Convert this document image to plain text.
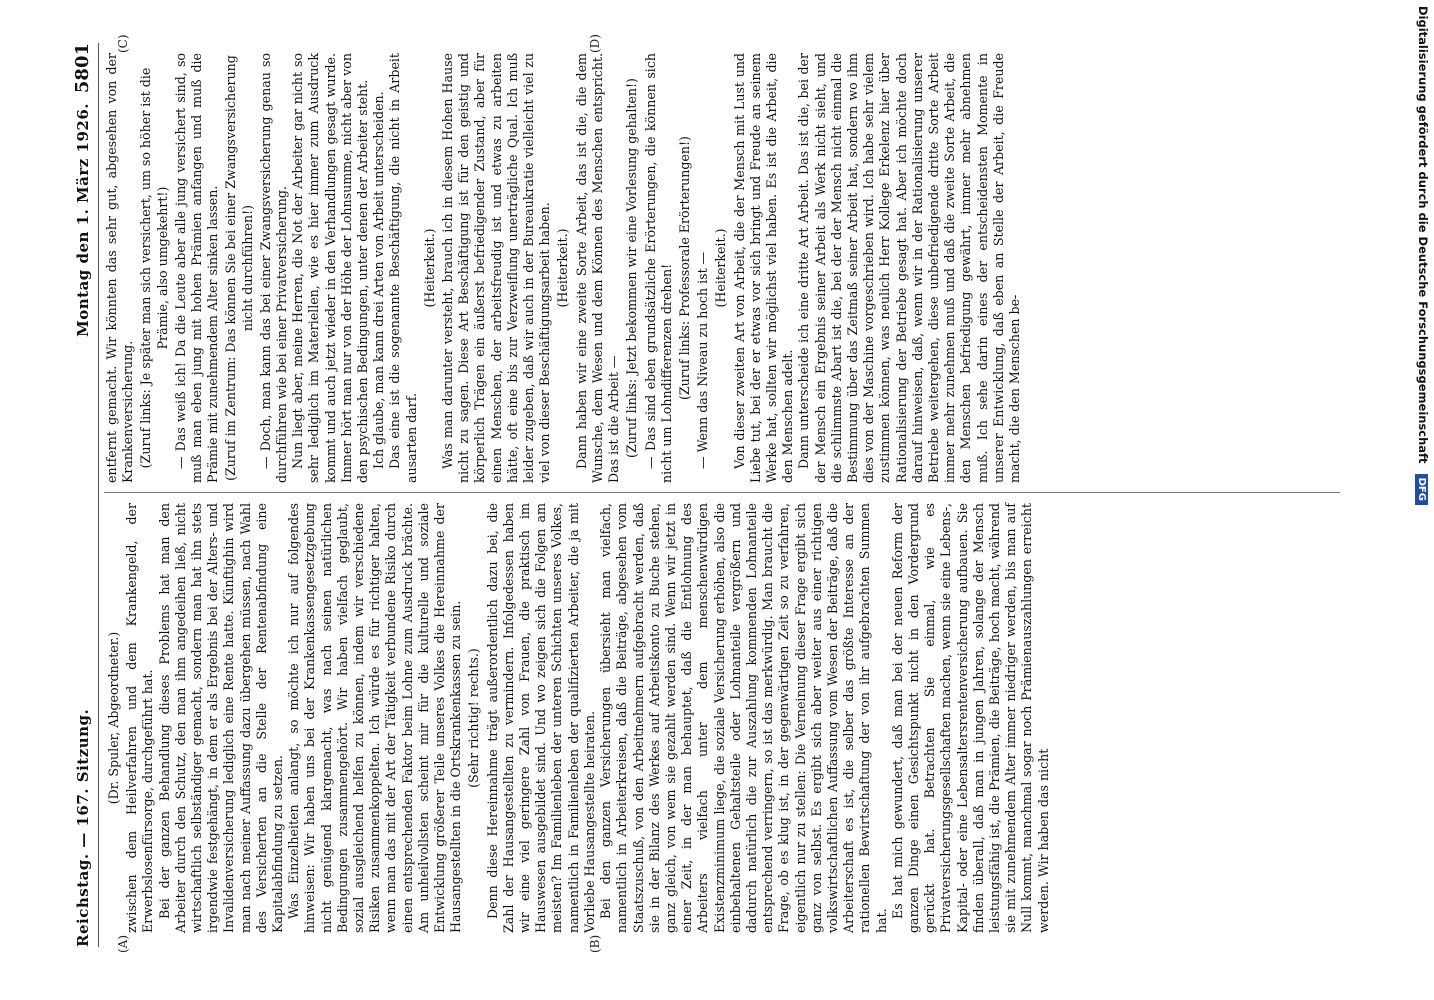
Reichstag. — 167. Sitzung.
Montag den 1. März 1926.
5801

(Dr. Spuler, Abgeordneter.) zwischen dem Heilverfahren und dem Krankengeld, der Erwerbslosenfürsorge, durchgeführt hat. Bei der ganzen Behandlung dieses Problems hat man den Arbeiter durch den Schutz, den man ihm angedeihen ließ, nicht wirtschaftlich selbständiger gemacht, sondern man hat ihn stets irgendwie festgehängt, in dem er als Ergebnis bei der Alters- und Invalidenversicherung lediglich eine Rente hatte. Künftighin wird man nach meiner Auffassung dazu übergehen müssen, nach Wahl des Versicherten an die Stelle der Rentenabfindung eine Kapitalabfindung zu setzen. Was Einzelheiten anlangt, so möchte ich nur auf folgendes hinweisen: Wir haben uns bei der Krankenkassengesetzgebung nicht genügend klargemacht, was nach seinen natürlichen Bedingungen zusammengehört. Wir haben vielfach geglaubt, sozial ausgleichend helfen zu können, indem wir verschiedene Risiken zusammenkoppelten. Ich würde es für richtiger halten, wenn man das mit der Art der Tätigkeit verbundene Risiko durch einen entsprechenden Faktor beim Lohne zum Ausdruck brächte. Am unheilvollsten scheint mir für die kulturelle und soziale Entwicklung größerer Teile unseres Volkes die Hereinnahme der Hausangestellten in die Ortskrankenkassen zu sein. (Sehr richtig! rechts.) Denn diese Hereinnahme trägt außerordentlich dazu bei, die Zahl der Hausangestellten zu vermindern. Infolgedessen haben wir eine viel geringere Zahl von Frauen, die praktisch im Hauswesen ausgebildet sind. Und wo zeigen sich die Folgen am meisten? Im Familienleben der unteren Schichten unseres Volkes, namentlich in Familienleben der qualifizierten Arbeiter, die ja mit Vorliebe Hausangestellte heiraten. Bei den ganzen Versicherungen übersieht man vielfach, namentlich in Arbeiterkreisen, daß die Beiträge, abgesehen vom Staatszuschuß, von den Arbeitnehmern aufgebracht werden, daß sie in der Bilanz des Werkes auf Arbeitskonto zu Buche stehen, ganz gleich, von wem sie gezahlt werden sind. Wenn wir jetzt in einer Zeit, in der man behauptet, daß die Entlohnung des Arbeiters vielfach unter dem menschenwürdigen Existenzminimum liege, die soziale Versicherung erhöhen, also die einbehaltenen Gehaltsteile oder Lohnanteile vergrößern und dadurch natürlich die zur Auszahlung kommenden Lohnanteile entsprechend verringern, so ist das merkwürdig. Man braucht die Frage, ob es klug ist, in der gegenwärtigen Zeit so zu verfahren, eigentlich nur zu stellen: Die Verneinung dieser Frage ergibt sich ganz von selbst. Es ergibt sich aber weiter aus einer richtigen volkswirtschaftlichen Auffassung vom Wesen der Beiträge, daß die Arbeiterschaft es ist, die selber das größte Interesse an der rationellen Bewirtschaftung der von ihr aufgebrachten Summen hat.

Es hat mich gewundert, daß man bei der neuen Reform der ganzen Dinge einen Gesichtspunkt nicht in den Vordergrund gerückt hat. Betrachten Sie einmal, wie es Privatversicherungsgesellschaften machen, wenn sie eine Lebens-, Kapital- oder eine Lebensaltersrentenversicherung aufbauen. Sie finden überall, daß man in jungen Jahren, solange der Mensch leistungsfähig ist, die Prämien, die Beiträge, hoch macht, während sie mit zunehmendem Alter immer niedriger werden, bis man auf Null kommt, manchmal sogar noch Prämienauszahlungen erreicht werden. Wir haben das nicht

entfernt gemacht. Wir könnten das sehr gut, abgesehen von der Krankenversicherung. (Zuruf links: Je später man sich versichert, um so höher ist die Prämie, also umgekehrt!) — Das weiß ich! Da die Leute aber alle jung versichert sind, so muß man eben jung mit hohen Prämien anfangen und muß die Prämie mit zunehmendem Alter sinken lassen. (Zuruf im Zentrum: Das können Sie bei einer Zwangsversicherung nicht durchführen!) — Doch, man kann das bei einer Zwangsversicherung genau so durchführen wie bei einer Privatversicherung. Nun liegt aber, meine Herren, die Not der Arbeiter gar nicht so sehr lediglich im Materiellen, wie es hier immer zum Ausdruck kommt und auch jetzt wieder in den Verhandlungen gesagt wurde. Immer hört man nur von der Höhe der Lohnsumme, nicht aber von den psychischen Bedingungen, unter denen der Arbeiter steht. Ich glaube, man kann drei Arten von Arbeit unterscheiden. Das eine ist die sogenannte Beschäftigung, die nicht in Arbeit ausarten darf.

(Heiterkeit.) Was man darunter versteht, brauch ich in diesem Hohen Hause nicht zu sagen. Diese Art Beschäftigung ist für den geistig und körperlich Trägen ein äußerst befriedigender Zustand, aber für einen Menschen, der arbeitsfreudig ist und etwas zu arbeiten hätte, oft eine bis zur Verzweiflung unerträgliche Qual. Ich muß leider zugeben, daß wir auch in der Bureaukratie vielleicht viel zu viel von dieser Beschäftigungsarbeit haben. (Heiterkeit.) Dann haben wir eine zweite Sorte Arbeit, das ist die, die dem Wunsche, dem Wesen und dem Können des Menschen entspricht. Das ist die Arbeit — (Zuruf links: Jetzt bekommen wir eine Vorlesung gehalten!) — Das sind eben grundsätzliche Erörterungen, die können sich nicht um Lohndifferenzen drehen! (Zuruf links: Professorale Erörterungen!) — Wenn das Niveau zu hoch ist — (Heiterkeit.) Von dieser zweiten Art von Arbeit, die der Mensch mit Lust und Liebe tut, bei der er etwas vor sich bringt und Freude an seinem Werke hat, sollten wir möglichst viel haben. Es ist die Arbeit, die den Menschen adelt. Dann unterscheide ich eine dritte Art Arbeit. Das ist die, bei der der Mensch ein Ergebnis seiner Arbeit als Werk nicht sieht, und die schlimmste Abart ist die, bei der der Mensch nicht einmal die Bestimmung über das Zeitmaß seiner Arbeit hat, sondern wo ihm dies von der Maschine vorgeschrieben wird. Ich habe sehr vielem zustimmen können, was neulich Herr Kollege Erkelenz hier über Rationalisierung der Betriebe gesagt hat. Aber ich möchte doch darauf hinweisen, daß, wenn wir in der Rationalisierung unserer Betriebe weitergehen, diese unbefriedigende dritte Sorte Arbeit immer mehr zunehmen muß und daß die zweite Sorte Arbeit, die den Menschen befriedigung gewährt, immer mehr abnehmen muß. Ich sehe darin eines der entscheidensten Momente in unserer Entwicklung, daß eben an Stelle der Arbeit, die Freude macht, die den Menschen be-

(A)	(B)
(C)	(D)	Digitalisierung gefördert durch die Deutsche Forschungsgemeinschaft DFG
